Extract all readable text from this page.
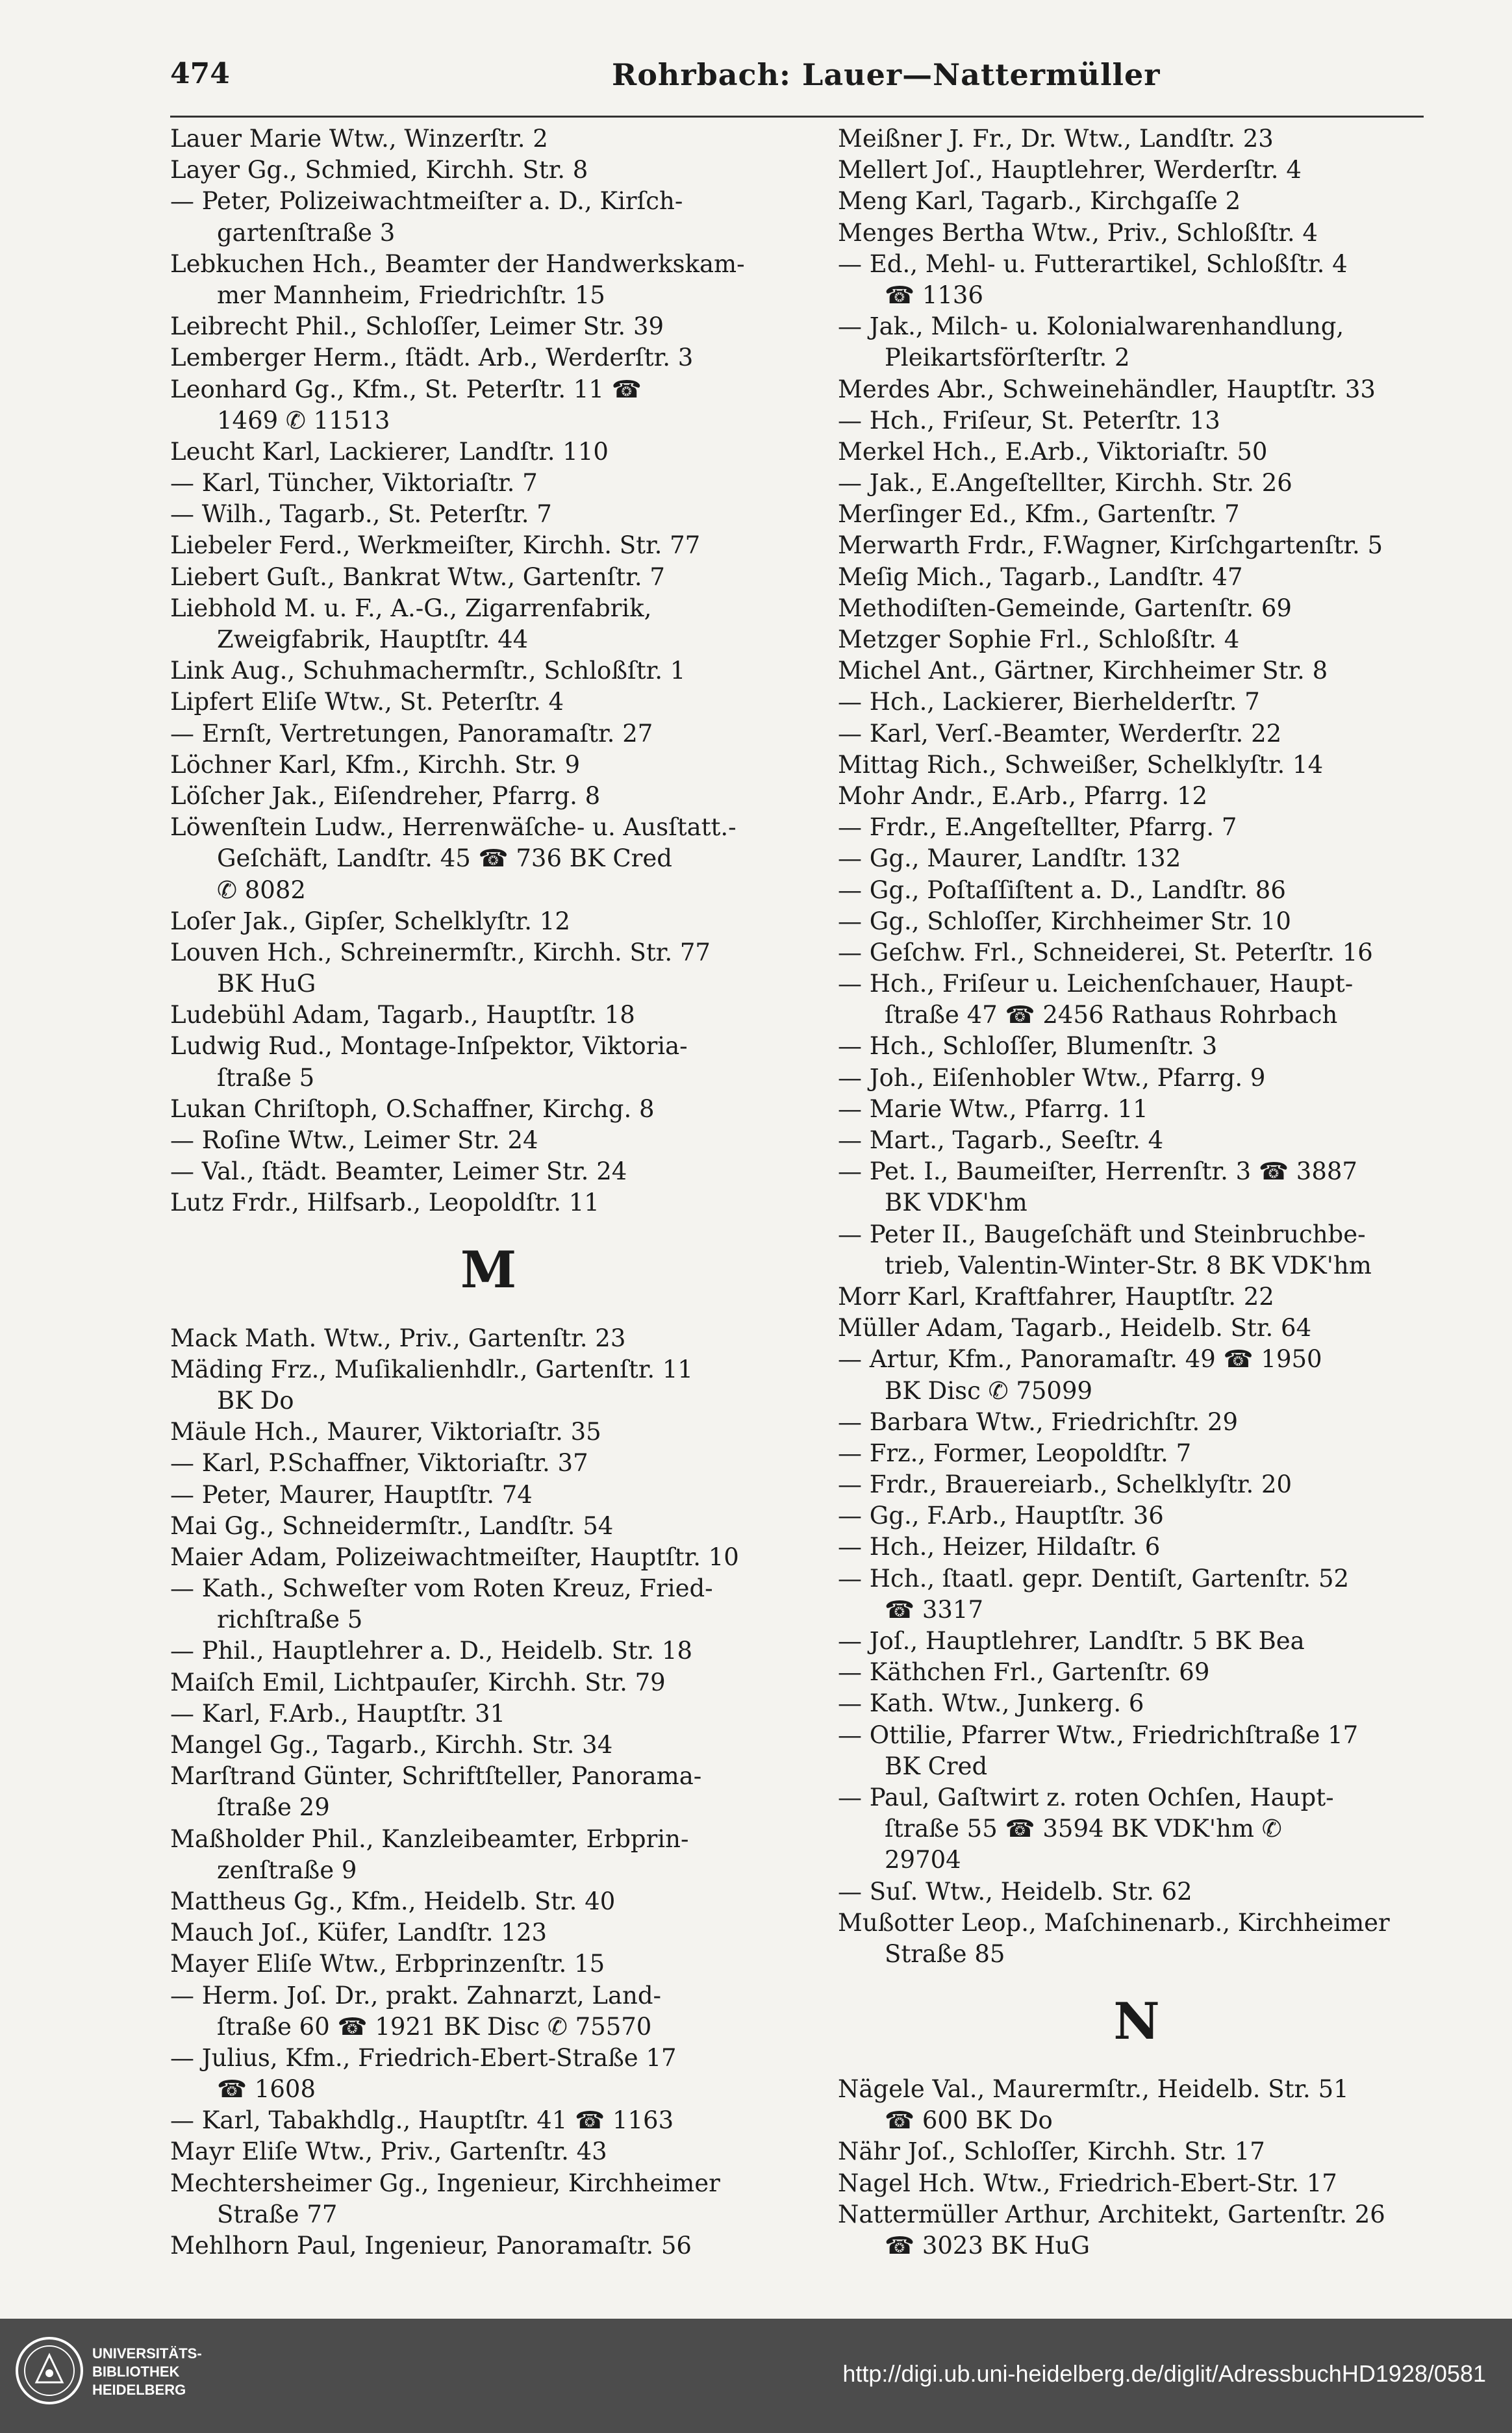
474	Rohrbach: Lauer—Nattermüller
Lauer Marie Wtw., Winzerſtr. 2
Layer Gg., Schmied, Kirchh. Str. 8
— Peter, Polizeiwachtmeiſter a. D., Kirſch-
gartenſtraße 3
Lebkuchen Hch., Beamter der Handwerkskam-
mer Mannheim, Friedrichſtr. 15
Leibrecht Phil., Schloſſer, Leimer Str. 39
Lemberger Herm., ſtädt. Arb., Werderſtr. 3
Leonhard Gg., Kfm., St. Peterſtr. 11 ☎
1469 ✆ 11513
Leucht Karl, Lackierer, Landſtr. 110
— Karl, Tüncher, Viktoriaſtr. 7
— Wilh., Tagarb., St. Peterſtr. 7
Liebeler Ferd., Werkmeiſter, Kirchh. Str. 77
Liebert Guſt., Bankrat Wtw., Gartenſtr. 7
Liebhold M. u. F., A.-G., Zigarrenfabrik,
Zweigfabrik, Hauptſtr. 44
Link Aug., Schuhmachermſtr., Schloßſtr. 1
Lipfert Eliſe Wtw., St. Peterſtr. 4
— Ernſt, Vertretungen, Panoramaſtr. 27
Löchner Karl, Kfm., Kirchh. Str. 9
Löſcher Jak., Eiſendreher, Pfarrg. 8
Löwenſtein Ludw., Herrenwäſche- u. Ausſtatt.-
Geſchäft, Landſtr. 45 ☎ 736 BK Cred
✆ 8082
Loſer Jak., Gipſer, Schelklyſtr. 12
Louven Hch., Schreinermſtr., Kirchh. Str. 77
BK HuG
Ludebühl Adam, Tagarb., Hauptſtr. 18
Ludwig Rud., Montage-Inſpektor, Viktoria-
ſtraße 5
Lukan Chriſtoph, O.Schaffner, Kirchg. 8
— Roſine Wtw., Leimer Str. 24
— Val., ſtädt. Beamter, Leimer Str. 24
Lutz Frdr., Hilfsarb., Leopoldſtr. 11
M
Mack Math. Wtw., Priv., Gartenſtr. 23
Mäding Frz., Muſikalienhdlr., Gartenſtr. 11
BK Do
Mäule Hch., Maurer, Viktoriaſtr. 35
— Karl, P.Schaffner, Viktoriaſtr. 37
— Peter, Maurer, Hauptſtr. 74
Mai Gg., Schneidermſtr., Landſtr. 54
Maier Adam, Polizeiwachtmeiſter, Hauptſtr. 10
— Kath., Schweſter vom Roten Kreuz, Fried-
richſtraße 5
— Phil., Hauptlehrer a. D., Heidelb. Str. 18
Maiſch Emil, Lichtpauſer, Kirchh. Str. 79
— Karl, F.Arb., Hauptſtr. 31
Mangel Gg., Tagarb., Kirchh. Str. 34
Marſtrand Günter, Schriftſteller, Panorama-
ſtraße 29
Maßholder Phil., Kanzleibeamter, Erbprin-
zenſtraße 9
Mattheus Gg., Kfm., Heidelb. Str. 40
Mauch Joſ., Küfer, Landſtr. 123
Mayer Eliſe Wtw., Erbprinzenſtr. 15
— Herm. Joſ. Dr., prakt. Zahnarzt, Land-
ſtraße 60 ☎ 1921 BK Disc ✆ 75570
— Julius, Kfm., Friedrich-Ebert-Straße 17
☎ 1608
— Karl, Tabakhdlg., Hauptſtr. 41 ☎ 1163
Mayr Eliſe Wtw., Priv., Gartenſtr. 43
Mechtersheimer Gg., Ingenieur, Kirchheimer
Straße 77
Mehlhorn Paul, Ingenieur, Panoramaſtr. 56
Meißner J. Fr., Dr. Wtw., Landſtr. 23
Mellert Joſ., Hauptlehrer, Werderſtr. 4
Meng Karl, Tagarb., Kirchgaſſe 2
Menges Bertha Wtw., Priv., Schloßſtr. 4
— Ed., Mehl- u. Futterartikel, Schloßſtr. 4
☎ 1136
— Jak., Milch- u. Kolonialwarenhandlung,
Pleikartsförſterſtr. 2
Merdes Abr., Schweinehändler, Hauptſtr. 33
— Hch., Friſeur, St. Peterſtr. 13
Merkel Hch., E.Arb., Viktoriaſtr. 50
— Jak., E.Angeſtellter, Kirchh. Str. 26
Merſinger Ed., Kfm., Gartenſtr. 7
Merwarth Frdr., F.Wagner, Kirſchgartenſtr. 5
Meſig Mich., Tagarb., Landſtr. 47
Methodiſten-Gemeinde, Gartenſtr. 69
Metzger Sophie Frl., Schloßſtr. 4
Michel Ant., Gärtner, Kirchheimer Str. 8
— Hch., Lackierer, Bierhelderſtr. 7
— Karl, Verſ.-Beamter, Werderſtr. 22
Mittag Rich., Schweißer, Schelklyſtr. 14
Mohr Andr., E.Arb., Pfarrg. 12
— Frdr., E.Angeſtellter, Pfarrg. 7
— Gg., Maurer, Landſtr. 132
— Gg., Poſtaſſiſtent a. D., Landſtr. 86
— Gg., Schloſſer, Kirchheimer Str. 10
— Geſchw. Frl., Schneiderei, St. Peterſtr. 16
— Hch., Friſeur u. Leichenſchauer, Haupt-
ſtraße 47 ☎ 2456 Rathaus Rohrbach
— Hch., Schloſſer, Blumenſtr. 3
— Joh., Eiſenhobler Wtw., Pfarrg. 9
— Marie Wtw., Pfarrg. 11
— Mart., Tagarb., Seeſtr. 4
— Pet. I., Baumeiſter, Herrenſtr. 3 ☎ 3887
BK VDK'hm
— Peter II., Baugeſchäft und Steinbruchbe-
trieb, Valentin-Winter-Str. 8 BK VDK'hm
Morr Karl, Kraftfahrer, Hauptſtr. 22
Müller Adam, Tagarb., Heidelb. Str. 64
— Artur, Kfm., Panoramaſtr. 49 ☎ 1950
BK Disc ✆ 75099
— Barbara Wtw., Friedrichſtr. 29
— Frz., Former, Leopoldſtr. 7
— Frdr., Brauereiarb., Schelklyſtr. 20
— Gg., F.Arb., Hauptſtr. 36
— Hch., Heizer, Hildaſtr. 6
— Hch., ſtaatl. gepr. Dentiſt, Gartenſtr. 52
☎ 3317
— Joſ., Hauptlehrer, Landſtr. 5 BK Bea
— Käthchen Frl., Gartenſtr. 69
— Kath. Wtw., Junkerg. 6
— Ottilie, Pfarrer Wtw., Friedrichſtraße 17
BK Cred
— Paul, Gaſtwirt z. roten Ochſen, Haupt-
ſtraße 55 ☎ 3594 BK VDK'hm ✆
29704
— Suſ. Wtw., Heidelb. Str. 62
Mußotter Leop., Maſchinenarb., Kirchheimer
Straße 85
N
Nägele Val., Maurermſtr., Heidelb. Str. 51
☎ 600 BK Do
Nähr Joſ., Schloſſer, Kirchh. Str. 17
Nagel Hch. Wtw., Friedrich-Ebert-Str. 17
Nattermüller Arthur, Architekt, Gartenſtr. 26
☎ 3023 BK HuG
UNIVERSITÄTS-
BIBLIOTHEK
HEIDELBERG
http://digi.ub.uni-heidelberg.de/diglit/AdressbuchHD1928/0581
